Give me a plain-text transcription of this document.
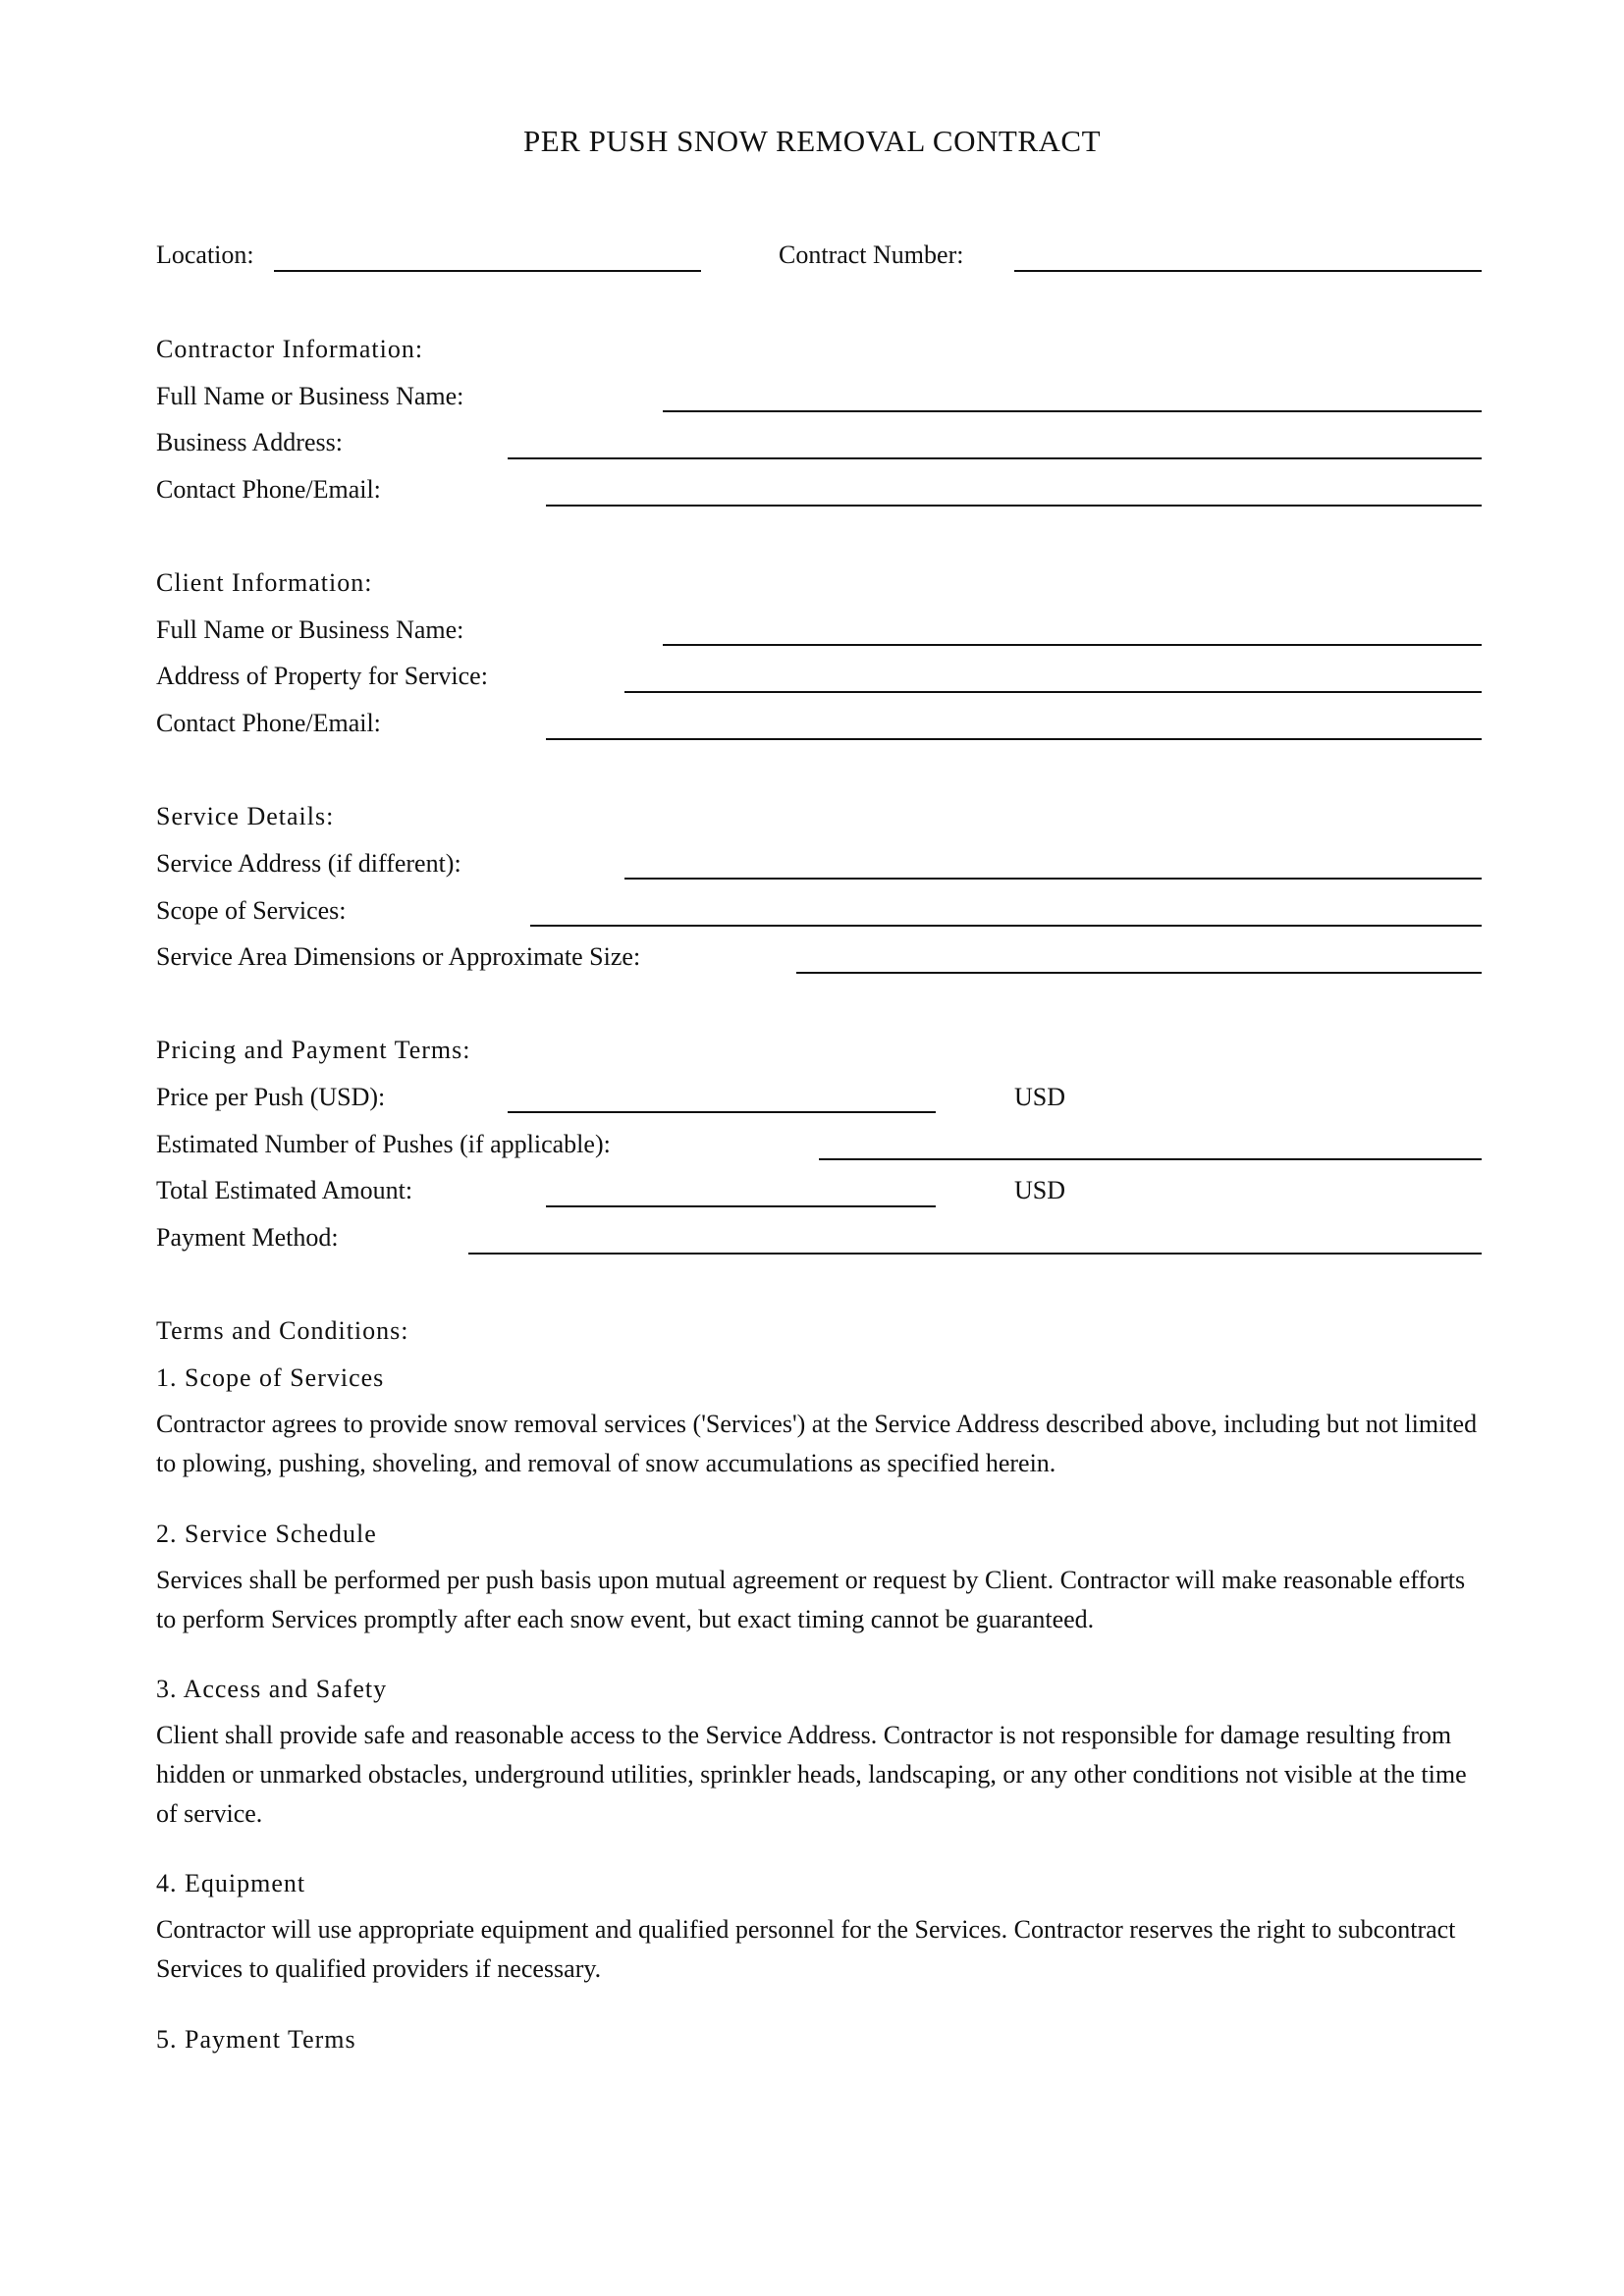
PER PUSH SNOW REMOVAL CONTRACT
Location:	Contract Number:
Contractor Information:
Full Name or Business Name:
Business Address:
Contact Phone/Email:
Client Information:
Full Name or Business Name:
Address of Property for Service:
Contact Phone/Email:
Service Details:
Service Address (if different):
Scope of Services:
Service Area Dimensions or Approximate Size:
Pricing and Payment Terms:
Price per Push (USD):	USD
Estimated Number of Pushes (if applicable):
Total Estimated Amount:	USD
Payment Method:
Terms and Conditions:
1. Scope of Services
Contractor agrees to provide snow removal services ('Services') at the Service Address described above, including but not limited to plowing, pushing, shoveling, and removal of snow accumulations as specified herein.
2. Service Schedule
Services shall be performed per push basis upon mutual agreement or request by Client. Contractor will make reasonable efforts to perform Services promptly after each snow event, but exact timing cannot be guaranteed.
3. Access and Safety
Client shall provide safe and reasonable access to the Service Address. Contractor is not responsible for damage resulting from hidden or unmarked obstacles, underground utilities, sprinkler heads, landscaping, or any other conditions not visible at the time of service.
4. Equipment
Contractor will use appropriate equipment and qualified personnel for the Services. Contractor reserves the right to subcontract Services to qualified providers if necessary.
5. Payment Terms
